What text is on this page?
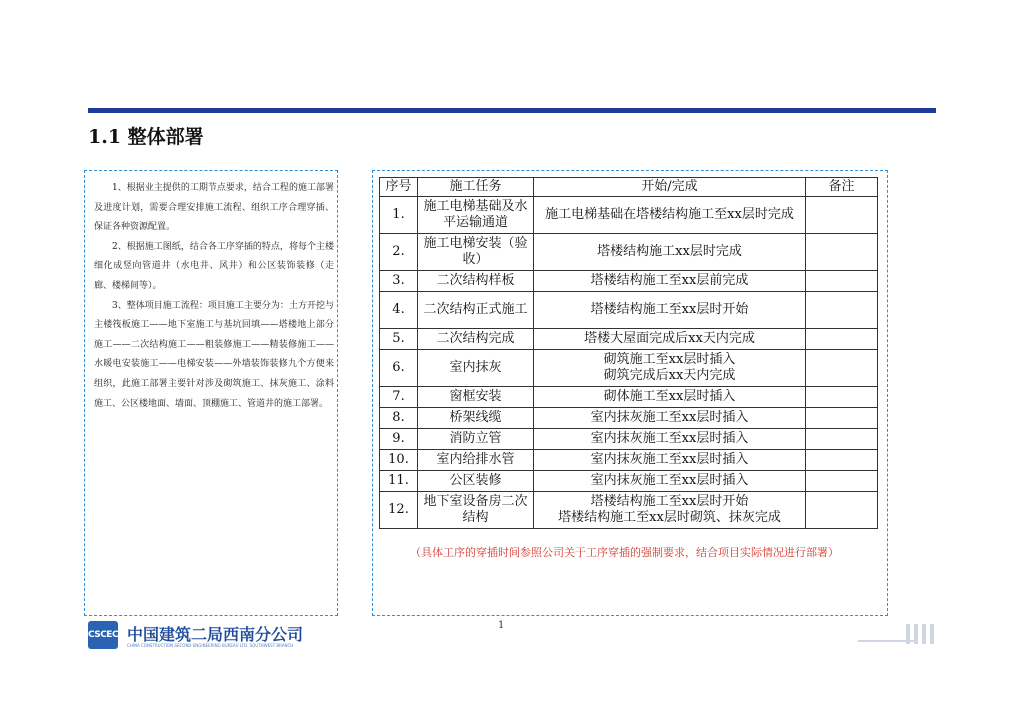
1.1 整体部署

1、根据业主提供的工期节点要求，结合工程的施工部署及进度计划，需要合理安排施工流程、组织工序合理穿插、保证各种资源配置。

2、根据施工图纸，结合各工序穿插的特点，将每个主楼细化成竖向管道井（水电井、风井）和公区装饰装修（走廊、楼梯间等）。

3、整体项目施工流程：项目施工主要分为：土方开挖与主楼筏板施工——地下室施工与基坑回填——塔楼地上部分施工——二次结构施工——粗装修施工——精装修施工——水暖电安装施工——电梯安装——外墙装饰装修九个方便来组织，此施工部署主要针对涉及砌筑施工、抹灰施工、涂料施工、公区楼地面、墙面、顶棚施工、管道井的施工部署。

序号	施工任务	开始/完成	备注
1.	施工电梯基础及水平运输通道	施工电梯基础在塔楼结构施工至xx层时完成	
2.	施工电梯安装（验收）	塔楼结构施工xx层时完成	
3.	二次结构样板	塔楼结构施工至xx层前完成	
4.	二次结构正式施工	塔楼结构施工至xx层时开始	
5.	二次结构完成	塔楼大屋面完成后xx天内完成	
6.	室内抹灰	砌筑施工至xx层时插入
砌筑完成后xx天内完成	
7.	窗框安装	砌体施工至xx层时插入	
8.	桥架线缆	室内抹灰施工至xx层时插入	
9.	消防立管	室内抹灰施工至xx层时插入	
10.	室内给排水管	室内抹灰施工至xx层时插入	
11.	公区装修	室内抹灰施工至xx层时插入	
12.	地下室设备房二次结构	塔楼结构施工至xx层时开始
塔楼结构施工至xx层时砌筑、抹灰完成	
（具体工序的穿插时间参照公司关于工序穿插的强制要求，结合项目实际情况进行部署）
1
CSCEC 中国建筑二局西南分公司
CHINA CONSTRUCTION SECOND ENGINEERING BUREAU LTD. SOUTHWEST BRANCH
